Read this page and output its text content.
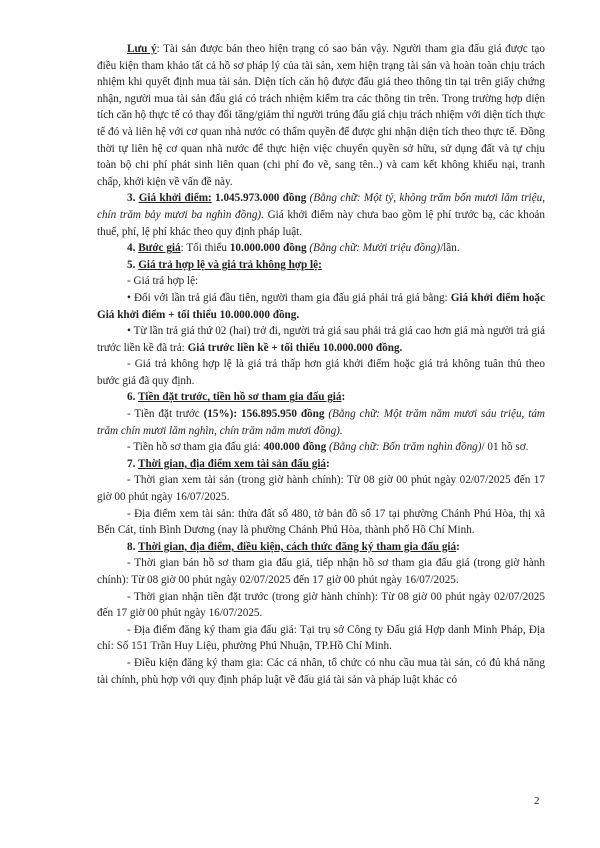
Lưu ý: Tài sản được bán theo hiện trạng có sao bán vậy. Người tham gia đấu giá được tạo điều kiện tham khảo tất cả hồ sơ pháp lý của tài sản, xem hiện trạng tài sản và hoàn toàn chịu trách nhiệm khi quyết định mua tài sản. Diện tích căn hộ được đấu giá theo thông tin tại trên giấy chứng nhận, người mua tài sản đấu giá có trách nhiệm kiểm tra các thông tin trên. Trong trường hợp diện tích căn hộ thực tế có thay đổi tăng/giảm thì người trúng đấu giá chịu trách nhiệm với diện tích thực tế đó và liên hệ với cơ quan nhà nước có thẩm quyền để được ghi nhận diện tích theo thực tế. Đồng thời tự liên hệ cơ quan nhà nước để thực hiện việc chuyển quyền sở hữu, sử dụng đất và tự chịu toàn bộ chi phí phát sinh liên quan (chi phí đo vẽ, sang tên..) và cam kết không khiếu nại, tranh chấp, khởi kiện về vấn đề này.

3. Giá khởi điểm: 1.045.973.000 đồng (Bằng chữ: Một tỷ, không trăm bốn mươi lăm triệu, chín trăm bảy mươi ba nghìn đồng). Giá khởi điểm này chưa bao gồm lệ phí trước bạ, các khoản thuế, phí, lệ phí khác theo quy định pháp luật.

4. Bước giá: Tối thiểu 10.000.000 đồng (Bằng chữ: Mười triệu đồng)/lần.

5. Giá trả hợp lệ và giá trả không hợp lệ:

- Giá trả hợp lệ:

• Đối với lần trả giá đầu tiên, người tham gia đấu giá phải trả giá bằng: Giá khởi điểm hoặc Giá khởi điểm + tối thiểu 10.000.000 đồng.

• Từ lần trả giá thứ 02 (hai) trở đi, người trả giá sau phải trả giá cao hơn giá mà người trả giá trước liền kề đã trả: Giá trước liền kề + tối thiểu 10.000.000 đồng.

- Giá trả không hợp lệ là giá trả thấp hơn giá khởi điểm hoặc giá trả không tuân thủ theo bước giá đã quy định.

6. Tiền đặt trước, tiền hồ sơ tham gia đấu giá:

- Tiền đặt trước (15%): 156.895.950 đồng (Bằng chữ: Một trăm năm mươi sáu triệu, tám trăm chín mươi lăm nghìn, chín trăm năm mươi đồng).

- Tiền hồ sơ tham gia đấu giá: 400.000 đồng (Bằng chữ: Bốn trăm nghìn đồng)/ 01 hồ sơ.

7. Thời gian, địa điểm xem tài sản đấu giá:

- Thời gian xem tài sản (trong giờ hành chính): Từ 08 giờ 00 phút ngày 02/07/2025 đến 17 giờ 00 phút ngày 16/07/2025.

- Địa điểm xem tài sản: thửa đất số 480, tờ bản đồ số 17 tại phường Chánh Phú Hòa, thị xã Bến Cát, tỉnh Bình Dương (nay là phường Chánh Phú Hòa, thành phố Hồ Chí Minh.

8. Thời gian, địa điểm, điều kiện, cách thức đăng ký tham gia đấu giá:

- Thời gian bán hồ sơ tham gia đấu giá, tiếp nhận hồ sơ tham gia đấu giá (trong giờ hành chính): Từ 08 giờ 00 phút ngày 02/07/2025 đến 17 giờ 00 phút ngày 16/07/2025.

- Thời gian nhận tiền đặt trước (trong giờ hành chính): Từ 08 giờ 00 phút ngày 02/07/2025 đến 17 giờ 00 phút ngày 16/07/2025.

- Địa điểm đăng ký tham gia đấu giá: Tại trụ sở Công ty Đấu giá Hợp danh Minh Pháp, Địa chỉ: Số 151 Trần Huy Liệu, phường Phú Nhuận, TP.Hồ Chí Minh.

- Điều kiện đăng ký tham gia: Các cá nhân, tổ chức có nhu cầu mua tài sản, có đủ khả năng tài chính, phù hợp với quy định pháp luật về đấu giá tài sản và pháp luật khác có

2
